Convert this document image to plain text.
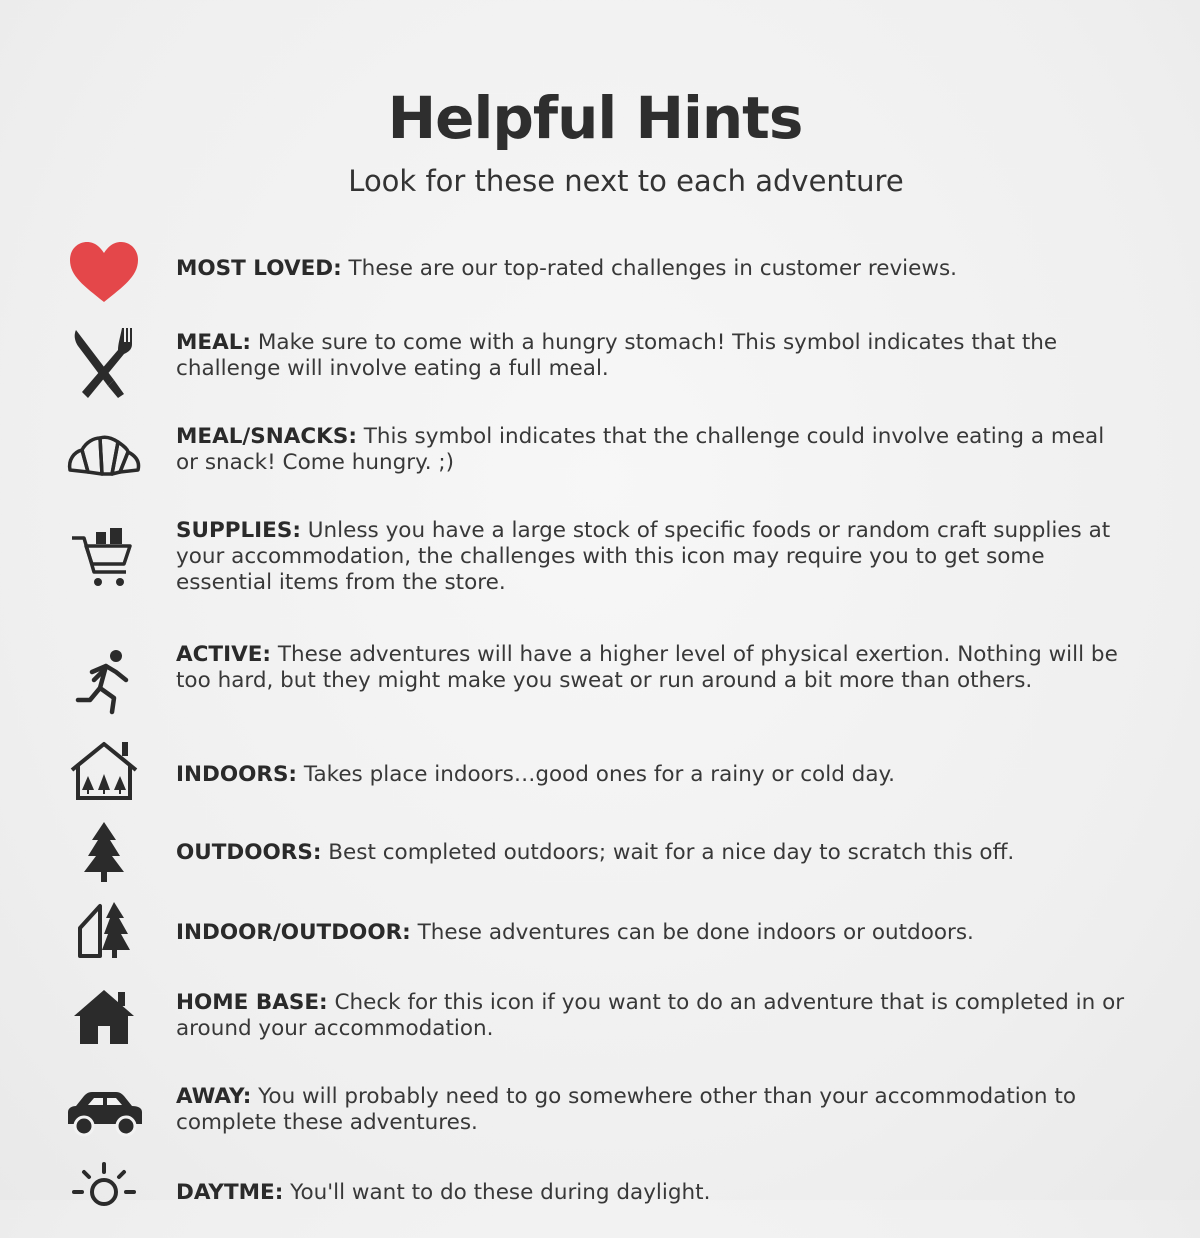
Helpful Hints
Look for these next to each adventure
MOST LOVED: These are our top-rated challenges in customer reviews.
MEAL: Make sure to come with a hungry stomach! This symbol indicates that the challenge will involve eating a full meal.
MEAL/SNACKS: This symbol indicates that the challenge could involve eating a meal or snack! Come hungry. ;)
SUPPLIES: Unless you have a large stock of specific foods or random craft supplies at your accommodation, the challenges with this icon may require you to get some essential items from the store.
ACTIVE: These adventures will have a higher level of physical exertion. Nothing will be too hard, but they might make you sweat or run around a bit more than others.
INDOORS: Takes place indoors…good ones for a rainy or cold day.
OUTDOORS: Best completed outdoors; wait for a nice day to scratch this off.
INDOOR/OUTDOOR: These adventures can be done indoors or outdoors.
HOME BASE: Check for this icon if you want to do an adventure that is completed in or around your accommodation.
AWAY: You will probably need to go somewhere other than your accommodation to complete these adventures.
DAYTME: You'll want to do these during daylight.
